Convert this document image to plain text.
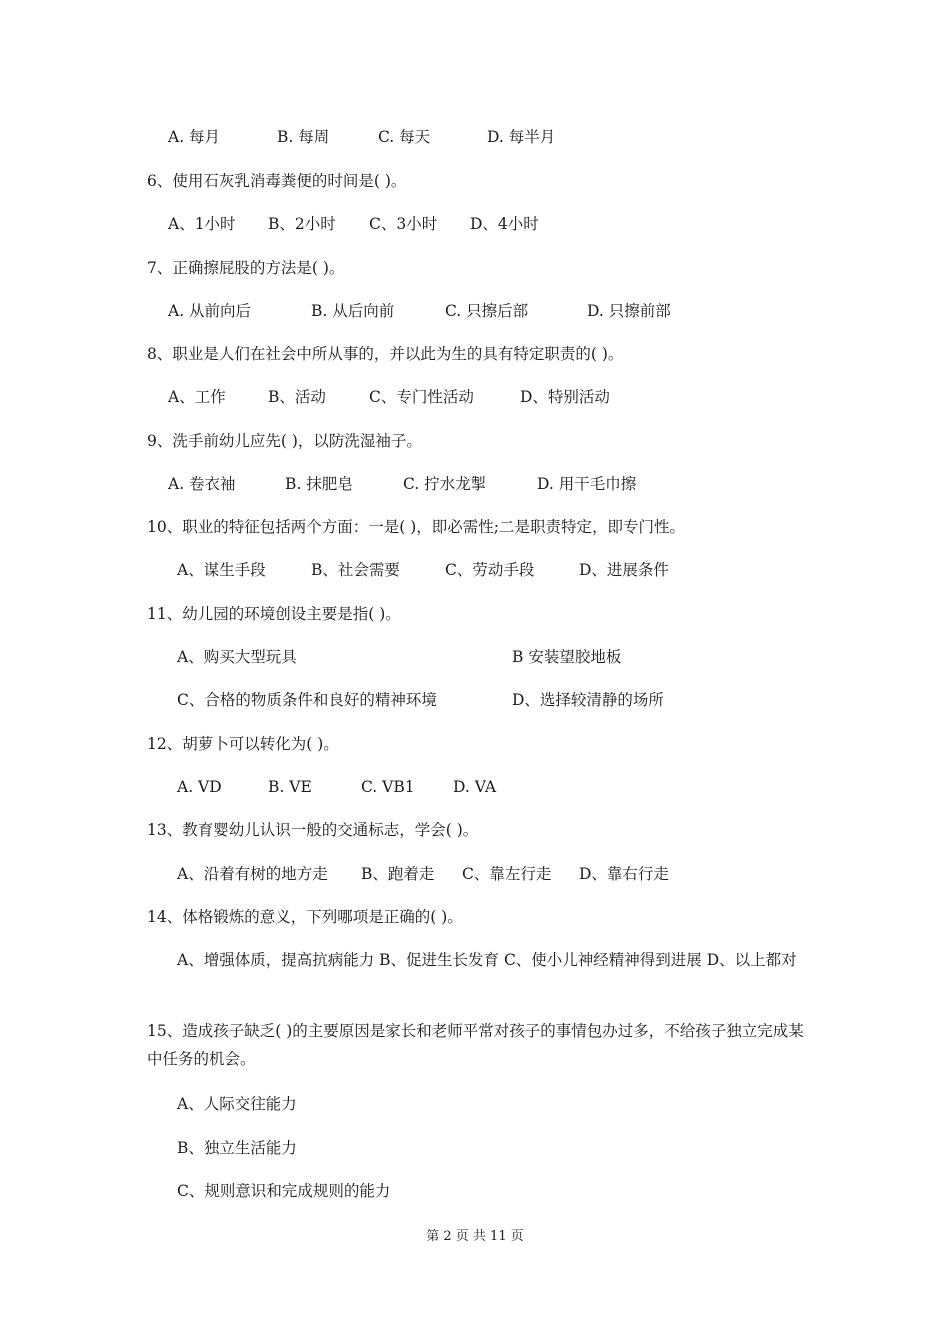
A. 每月	B. 每周	C. 每天	D. 每半月
6、使用石灰乳消毒粪便的时间是( )。
A、1小时 B、2小时 C、3小时 D、4小时
7、正确擦屁股的方法是( )。
A. 从前向后	B. 从后向前	C. 只擦后部	D. 只擦前部
8、职业是人们在社会中所从事的，并以此为生的具有特定职责的( )。
A、工作	B、活动	C、专门性活动	D、特别活动
9、洗手前幼儿应先( )，以防洗湿袖子。
A. 卷衣袖	B. 抹肥皂	C. 拧水龙掣	D. 用干毛巾擦
10、职业的特征包括两个方面：一是( )，即必需性;二是职责特定，即专门性。
A、谋生手段	B、社会需要	C、劳动手段	D、进展条件
11、幼儿园的环境创设主要是指( )。
A、购买大型玩具	B 安装望胶地板
C、合格的物质条件和良好的精神环境	D、选择较清静的场所
12、胡萝卜可以转化为( )。
A. VD	B. VE	C. VB1 D. VA
13、教育婴幼儿认识一般的交通标志，学会( )。
A、沿着有树的地方走 B、跑着走 C、靠左行走 D、靠右行走
14、体格锻炼的意义，下列哪项是正确的( )。
A、增强体质，提高抗病能力 B、促进生长发育 C、使小儿神经精神得到进展 D、以上都对
15、造成孩子缺乏( )的主要原因是家长和老师平常对孩子的事情包办过多，不给孩子独立完成某中任务的机会。
A、人际交往能力
B、独立生活能力
C、规则意识和完成规则的能力
第 2 页 共 11 页
